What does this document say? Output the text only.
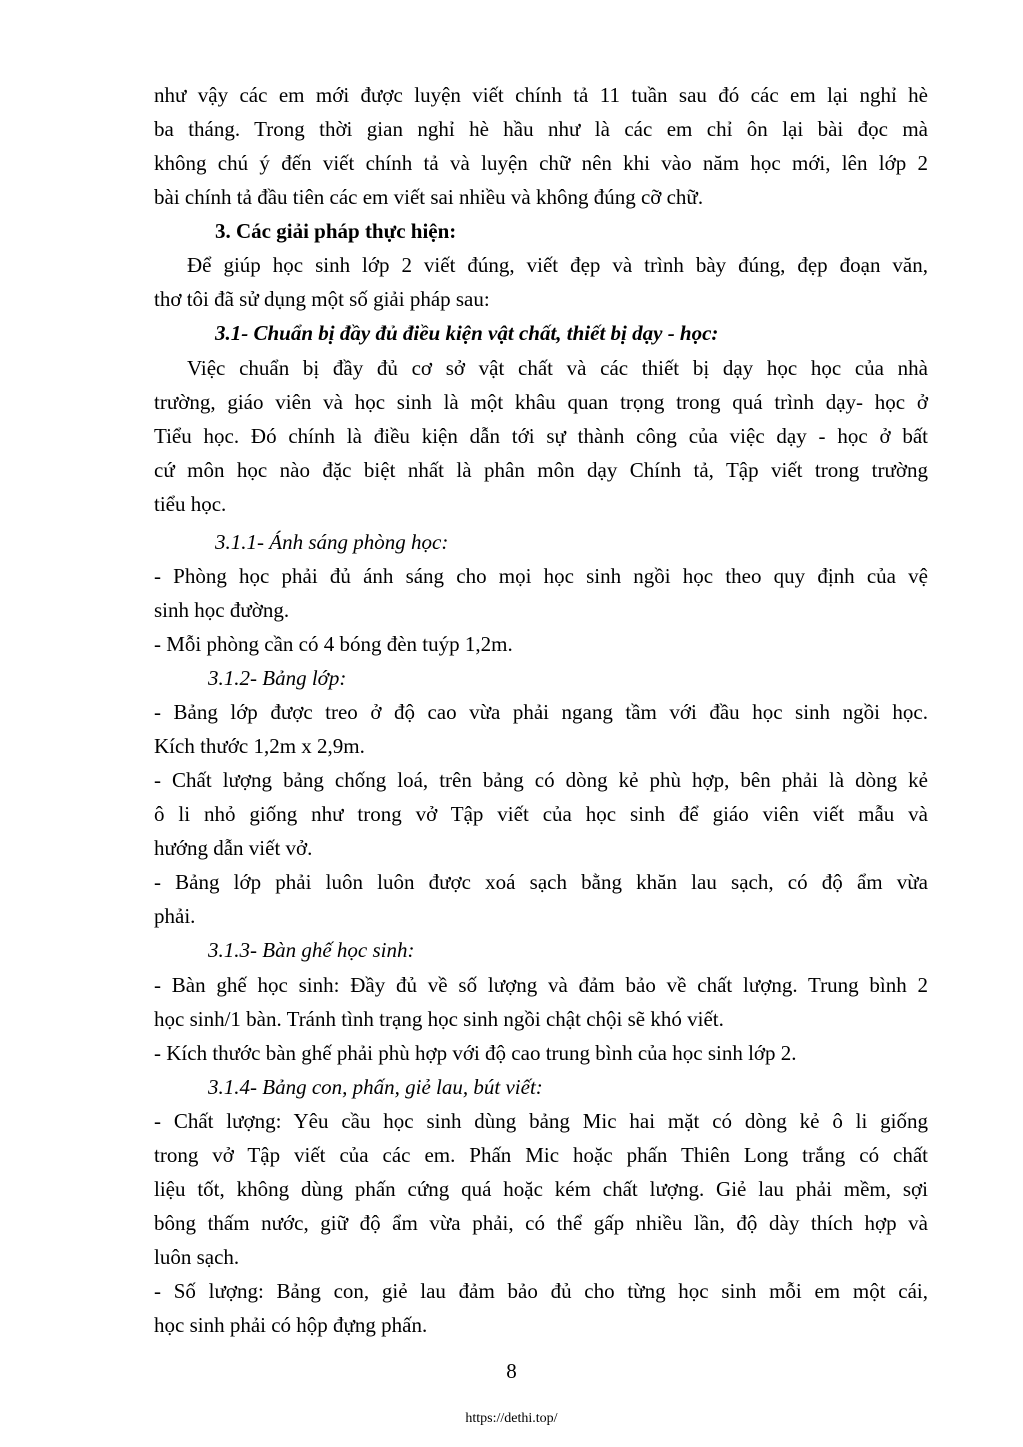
như vậy các em mới được luyện viết chính tả 11 tuần sau đó các em lại nghỉ hè

ba tháng. Trong thời gian nghỉ hè hầu như là các em chỉ ôn lại bài đọc mà

không chú ý đến viết chính tả và luyện chữ nên khi vào năm học mới, lên lớp 2

bài chính tả đầu tiên các em viết sai nhiều và không đúng cỡ chữ.

3. Các giải pháp thực hiện:

Để giúp học sinh lớp 2 viết đúng, viết đẹp và trình bày đúng, đẹp đoạn văn,

thơ tôi đã sử dụng một số giải pháp sau:

3.1- Chuẩn bị đầy đủ điều kiện vật chất, thiết bị dạy - học:

Việc chuẩn bị đầy đủ cơ sở vật chất và các thiết bị dạy học học của nhà

trường, giáo viên và học sinh là một khâu quan trọng trong quá trình dạy- học ở

Tiểu học. Đó chính là điều kiện dẫn tới sự thành công của việc dạy - học ở bất

cứ môn học nào đặc biệt nhất là phân môn dạy Chính tả, Tập viết trong trường

tiểu học.

3.1.1- Ánh sáng phòng học:

- Phòng học phải đủ ánh sáng cho mọi học sinh ngồi học theo quy định của vệ

sinh học đường.

- Mỗi phòng cần có 4 bóng đèn tuýp 1,2m.

3.1.2- Bảng lớp:

- Bảng lớp được treo ở độ cao vừa phải ngang tầm với đầu học sinh ngồi học.

Kích thước 1,2m x 2,9m.

- Chất lượng bảng chống loá, trên bảng có dòng kẻ phù hợp, bên phải là dòng kẻ

ô li nhỏ giống như trong vở Tập viết của học sinh để giáo viên viết mẫu và

hướng dẫn viết vở.

- Bảng lớp phải luôn luôn được xoá sạch bằng khăn lau sạch, có độ ẩm vừa

phải.

3.1.3- Bàn ghế học sinh:

- Bàn ghế học sinh: Đầy đủ về số lượng và đảm bảo về chất lượng. Trung bình 2

học sinh/1 bàn. Tránh tình trạng học sinh ngồi chật chội sẽ khó viết.

- Kích thước bàn ghế phải phù hợp với độ cao trung bình của học sinh lớp 2.

3.1.4- Bảng con, phấn, giẻ lau, bút viết:

- Chất lượng: Yêu cầu học sinh dùng bảng Mic hai mặt có dòng kẻ ô li giống

trong vở Tập viết của các em. Phấn Mic hoặc phấn Thiên Long trắng có chất

liệu tốt, không dùng phấn cứng quá hoặc kém chất lượng. Giẻ lau phải mềm, sợi

bông thấm nước, giữ độ ẩm vừa phải, có thể gấp nhiều lần, độ dày thích hợp và

luôn sạch.

- Số lượng: Bảng con, giẻ lau đảm bảo đủ cho từng học sinh mỗi em một cái,

học sinh phải có hộp đựng phấn.

8
https://dethi.top/
